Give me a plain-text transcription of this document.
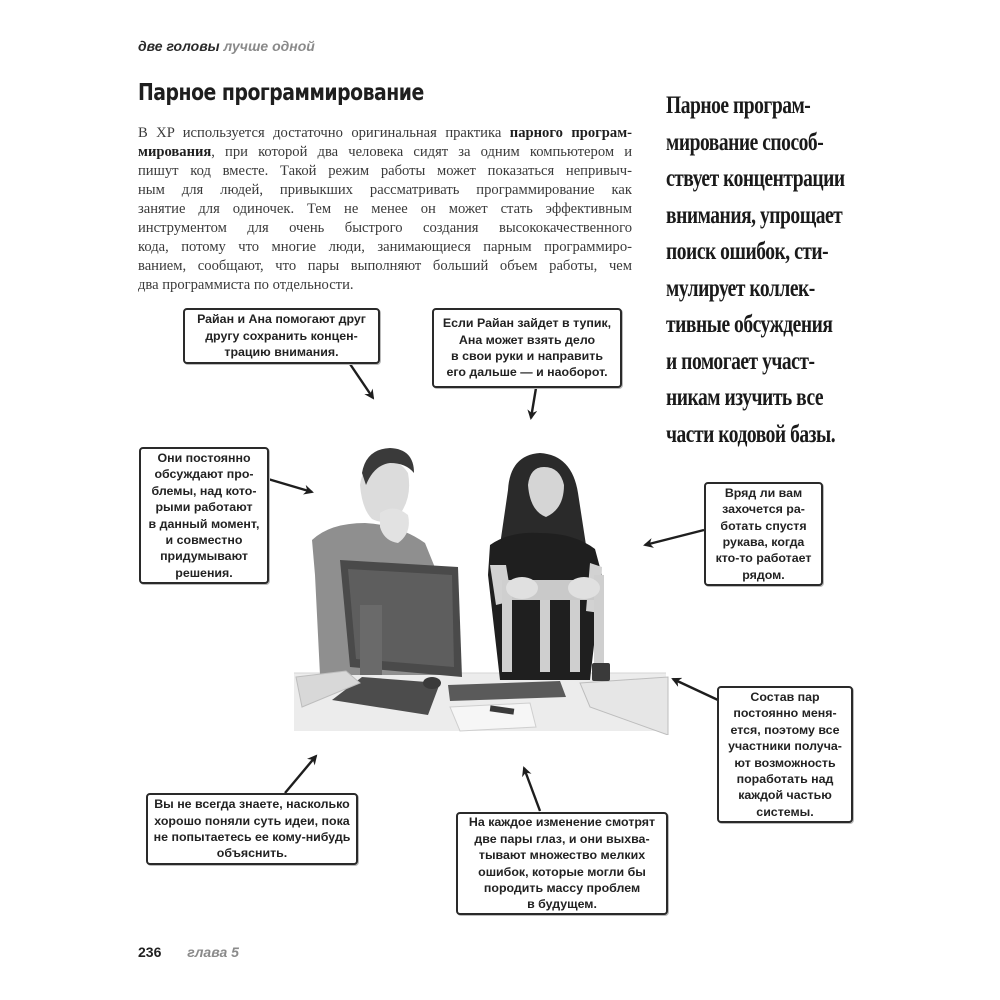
две головы лучше одной
Парное программирование
В XP используется достаточно оригинальная практика парного програм-
мирования, при которой два человека сидят за одним компьютером и
пишут код вместе. Такой режим работы может показаться непривыч-
ным для людей, привыкших рассматривать программирование как
занятие для одиночек. Тем не менее он может стать эффективным
инструментом для очень быстрого создания высококачественного
кода, потому что многие люди, занимающиеся парным программиро-
ванием, сообщают, что пары выполняют больший объем работы, чем
два программиста по отдельности.
Парное програм-
мирование способ-
ствует концентрации
внимания, упрощает
поиск ошибок, сти-
мулирует коллек-
тивные обсуждения
и помогает участ-
никам изучить все
части кодовой базы.
Райан и Ана помогают друг
другу сохранить концен-
трацию внимания.
Если Райан зайдет в тупик,
Ана может взять дело
в свои руки и направить
его дальше — и наоборот.
Они постоянно
обсуждают про-
блемы, над кото-
рыми работают
в данный момент,
и совместно
придумывают
решения.
Вряд ли вам
захочется ра-
ботать спустя
рукава, когда
кто-то работает
рядом.
Состав пар
постоянно меня-
ется, поэтому все
участники получа-
ют возможность
поработать над
каждой частью
системы.
Вы не всегда знаете, насколько
хорошо поняли суть идеи, пока
не попытаетесь ее кому-нибудь
объяснить.
На каждое изменение смотрят
две пары глаз, и они выхва-
тывают множество мелких
ошибок, которые могли бы
породить массу проблем
в будущем.
236 глава 5
